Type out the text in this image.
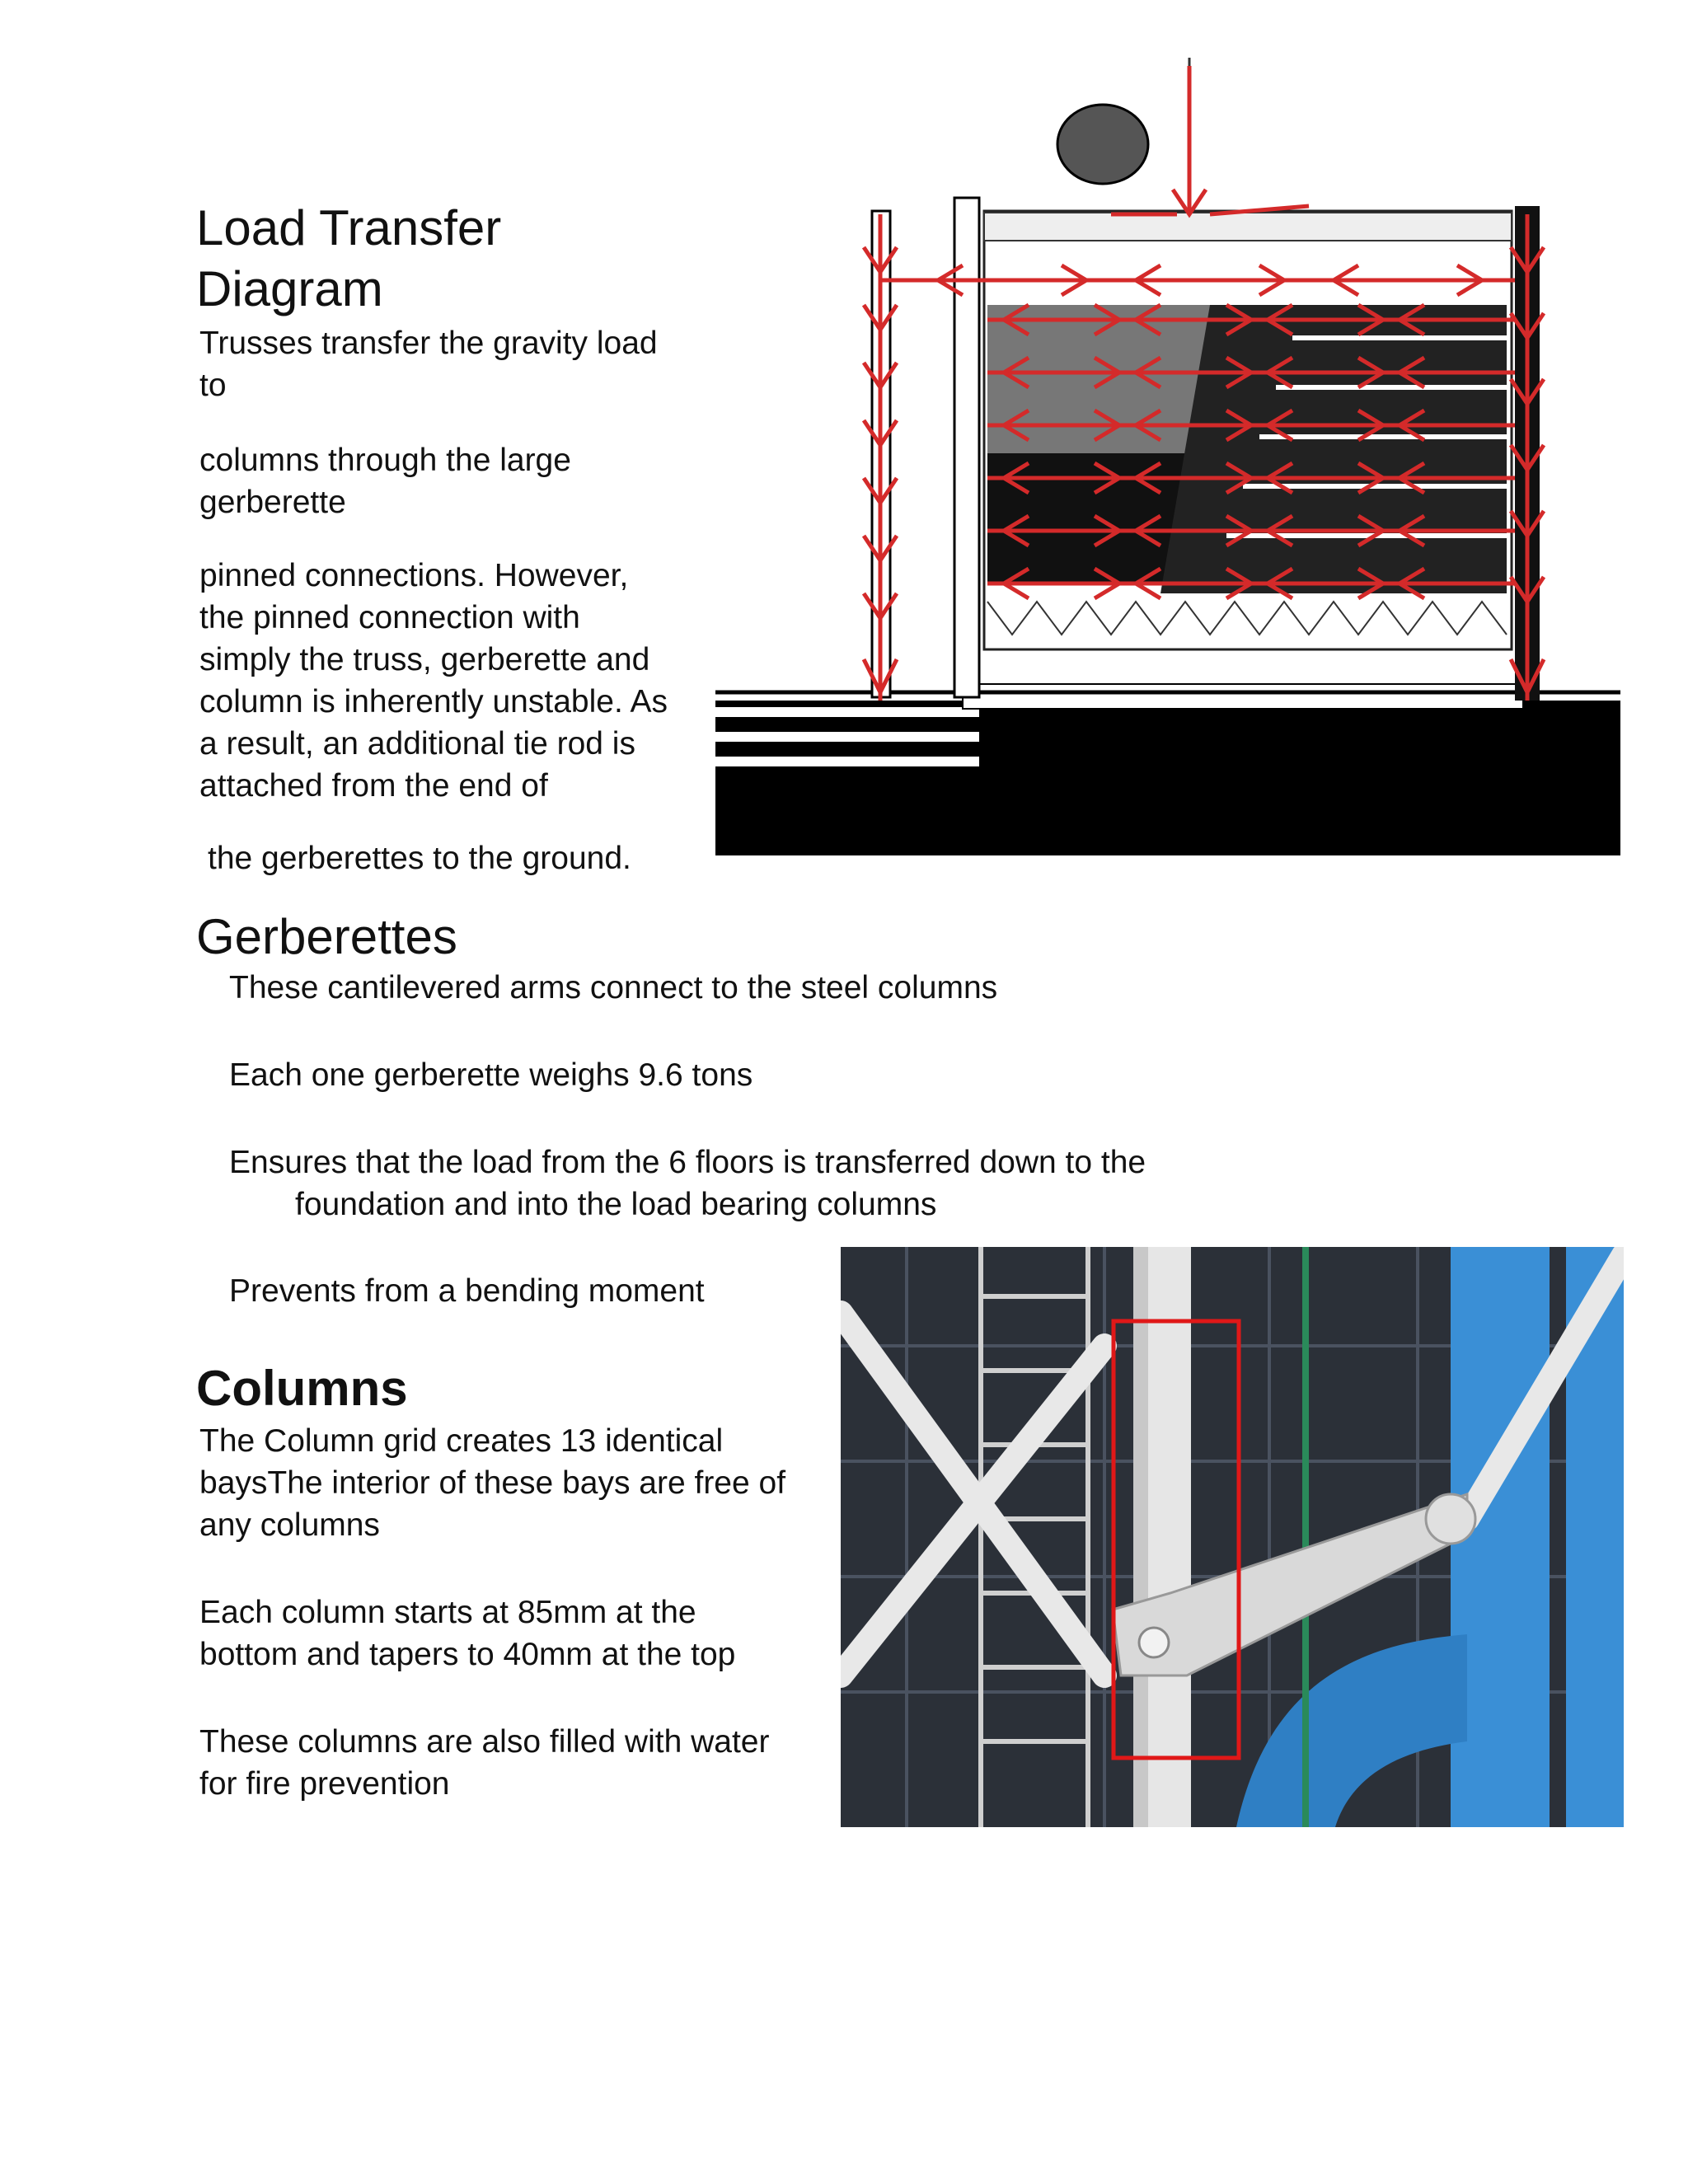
Load Transfer
Diagram

Trusses transfer the gravity load
to

columns through the large
gerberette

pinned connections. However,
the pinned connection with
simply the truss, gerberette and
column is inherently unstable. As
a result, an additional tie rod is
attached from the end of

the gerberettes to the ground.

Gerberettes

These cantilevered arms connect to the steel columns

Each one gerberette weighs 9.6 tons

Ensures that the load from the 6 floors is transferred down to the

foundation and into the load bearing columns

Prevents from a bending moment

Columns

The Column grid creates 13 identical
baysThe interior of these bays are free of
any columns

Each column starts at 85mm at the
bottom and tapers to 40mm at the top

These columns are also filled with water
for fire prevention
